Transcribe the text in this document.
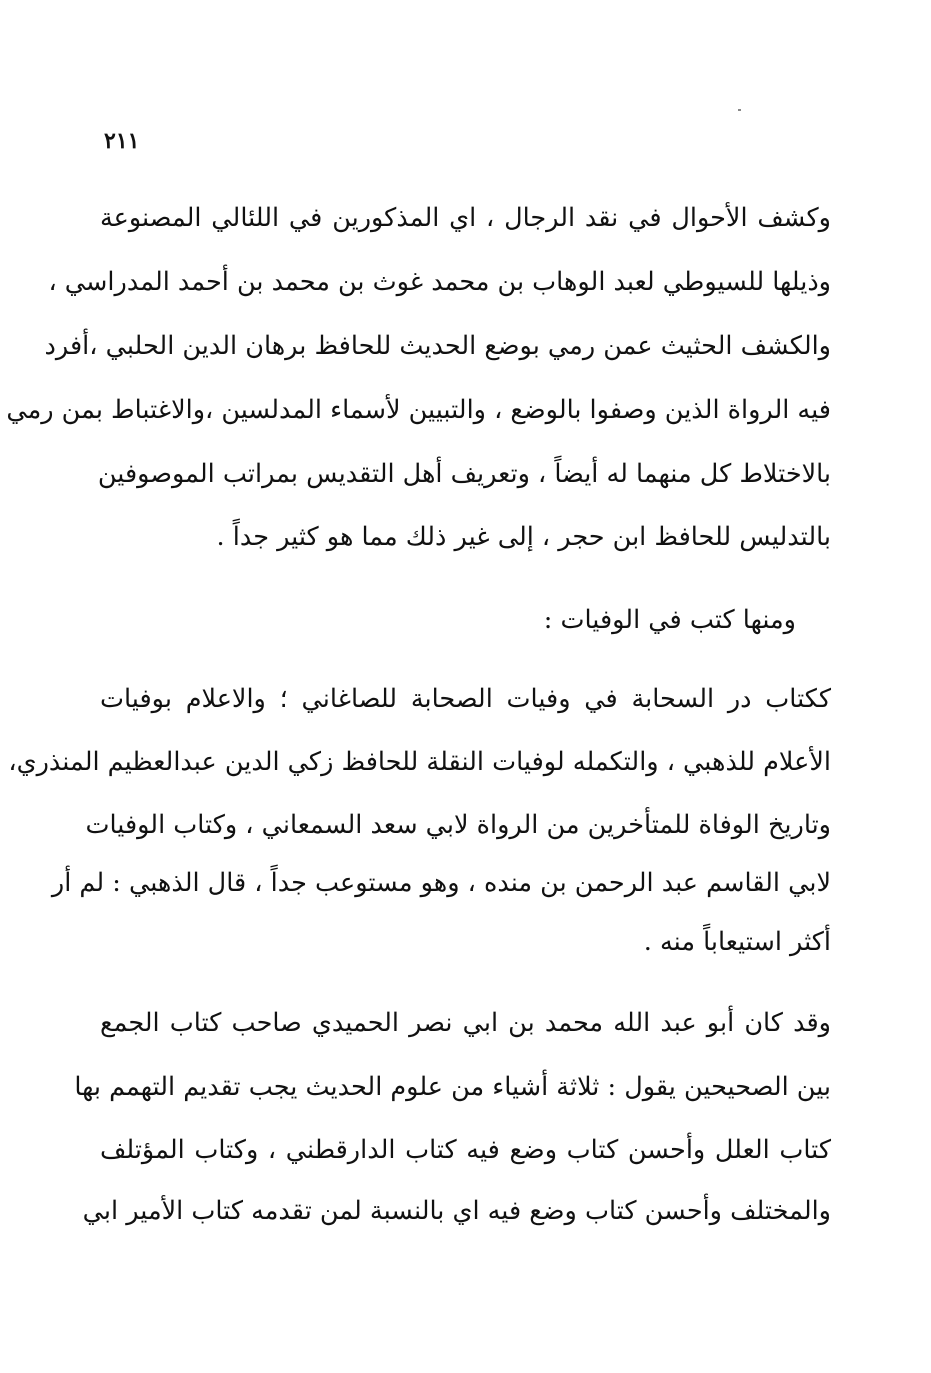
٢١١
وكشف الأحوال في نقد الرجال ، اي المذكورين في اللئالي المصنوعة
وذيلها للسيوطي لعبد الوهاب بن محمد غوث بن محمد بن أحمد المدراسي ،
والكشف الحثيث عمن رمي بوضع الحديث للحافظ برهان الدين الحلبي ،أفرد
فيه الرواة الذين وصفوا بالوضع ، والتبيين لأسماء المدلسين ،والاغتباط بمن رمي
بالاختلاط كل منهما له أيضاً ، وتعريف أهل التقديس بمراتب الموصوفين
بالتدليس للحافظ ابن حجر ، إلى غير ذلك مما هو كثير جداً .
ومنها كتب في الوفيات :
ككتاب در السحابة في وفيات الصحابة للصاغاني ؛ والاعلام بوفيات
الأعلام للذهبي ، والتكمله لوفيات النقلة للحافظ زكي الدين عبدالعظيم المنذري،
وتاريخ الوفاة للمتأخرين من الرواة لابي سعد السمعاني ، وكتاب الوفيات
لابي القاسم عبد الرحمن بن منده ، وهو مستوعب جداً ، قال الذهبي : لم أر
أكثر استيعاباً منه .
وقد كان أبو عبد الله محمد بن ابي نصر الحميدي صاحب كتاب الجمع
بين الصحيحين يقول : ثلاثة أشياء من علوم الحديث يجب تقديم التهمم بها
كتاب العلل وأحسن كتاب وضع فيه كتاب الدارقطني ، وكتاب المؤتلف
والمختلف وأحسن كتاب وضع فيه اي بالنسبة لمن تقدمه كتاب الأمير ابي
